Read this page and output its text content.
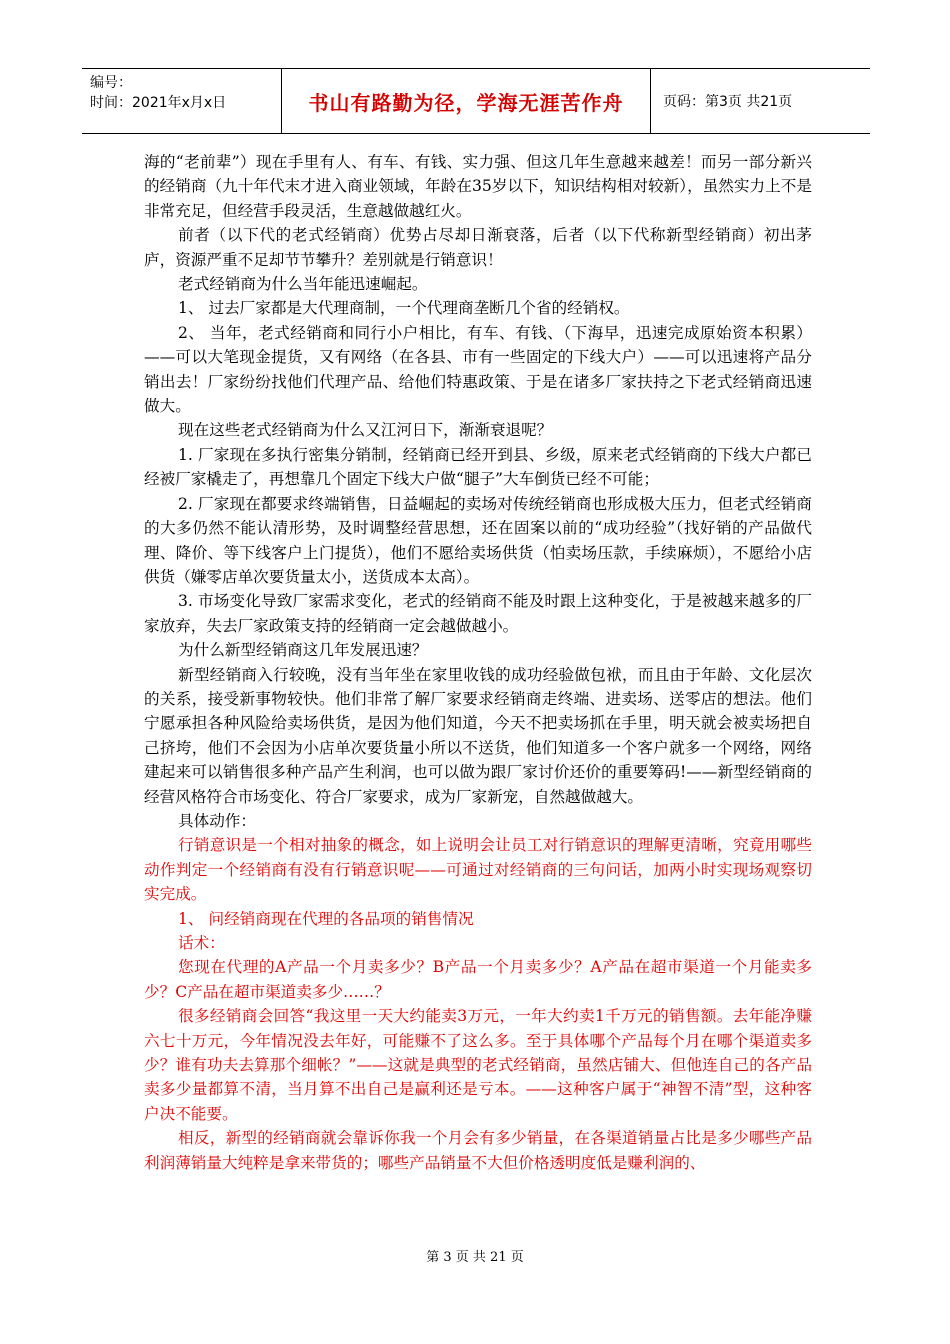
编号：
时间：2021年x月x日	书山有路勤为径，学海无涯苦作舟	页码：第3页 共21页

海的“老前辈”）现在手里有人、有车、有钱、实力强、但这几年生意越来越差！而另一部分新兴的经销商（九十年代末才进入商业领域，年龄在35岁以下，知识结构相对较新），虽然实力上不是非常充足，但经营手段灵活，生意越做越红火。

前者（以下代的老式经销商）优势占尽却日渐衰落，后者（以下代称新型经销商）初出茅庐，资源严重不足却节节攀升？差别就是行销意识！

老式经销商为什么当年能迅速崛起。

1、 过去厂家都是大代理商制，一个代理商垄断几个省的经销权。

2、 当年，老式经销商和同行小户相比，有车、有钱、（下海早，迅速完成原始资本积累）——可以大笔现金提货，又有网络（在各县、市有一些固定的下线大户）——可以迅速将产品分销出去！厂家纷纷找他们代理产品、给他们特惠政策、于是在诸多厂家扶持之下老式经销商迅速做大。

现在这些老式经销商为什么又江河日下，渐渐衰退呢？

1. 厂家现在多执行密集分销制，经销商已经开到县、乡级，原来老式经销商的下线大户都已经被厂家橇走了，再想靠几个固定下线大户做“腿子”大车倒货已经不可能；

2. 厂家现在都要求终端销售，日益崛起的卖场对传统经销商也形成极大压力，但老式经销商的大多仍然不能认清形势，及时调整经营思想，还在固案以前的“成功经验”（找好销的产品做代理、降价、等下线客户上门提货），他们不愿给卖场供货（怕卖场压款，手续麻烦），不愿给小店供货（嫌零店单次要货量太小，送货成本太高）。

3. 市场变化导致厂家需求变化，老式的经销商不能及时跟上这种变化，于是被越来越多的厂家放弃，失去厂家政策支持的经销商一定会越做越小。

为什么新型经销商这几年发展迅速？

新型经销商入行较晚，没有当年坐在家里收钱的成功经验做包袱，而且由于年龄、文化层次的关系，接受新事物较快。他们非常了解厂家要求经销商走终端、进卖场、送零店的想法。他们宁愿承担各种风险给卖场供货，是因为他们知道，今天不把卖场抓在手里，明天就会被卖场把自己挤垮，他们不会因为小店单次要货量小所以不送货，他们知道多一个客户就多一个网络，网络建起来可以销售很多种产品产生利润，也可以做为跟厂家讨价还价的重要筹码!——新型经销商的经营风格符合市场变化、符合厂家要求，成为厂家新宠，自然越做越大。

具体动作：

行销意识是一个相对抽象的概念，如上说明会让员工对行销意识的理解更清晰，究竟用哪些动作判定一个经销商有没有行销意识呢——可通过对经销商的三句问话，加两小时实现场观察切实完成。

1、 问经销商现在代理的各品项的销售情况

话术：

您现在代理的A产品一个月卖多少？B产品一个月卖多少？A产品在超市渠道一个月能卖多少？C产品在超市渠道卖多少……？

很多经销商会回答“我这里一天大约能卖3万元，一年大约卖1千万元的销售额。去年能净赚六七十万元，今年情况没去年好，可能赚不了这么多。至于具体哪个产品每个月在哪个渠道卖多少？谁有功夫去算那个细帐？”——这就是典型的老式经销商，虽然店铺大、但他连自己的各产品卖多少量都算不清，当月算不出自己是赢利还是亏本。——这种客户属于“神智不清”型，这种客户决不能要。

相反，新型的经销商就会靠诉你我一个月会有多少销量，在各渠道销量占比是多少哪些产品利润薄销量大纯粹是拿来带货的；哪些产品销量不大但价格透明度低是赚利润的、

第 3 页 共 21 页
